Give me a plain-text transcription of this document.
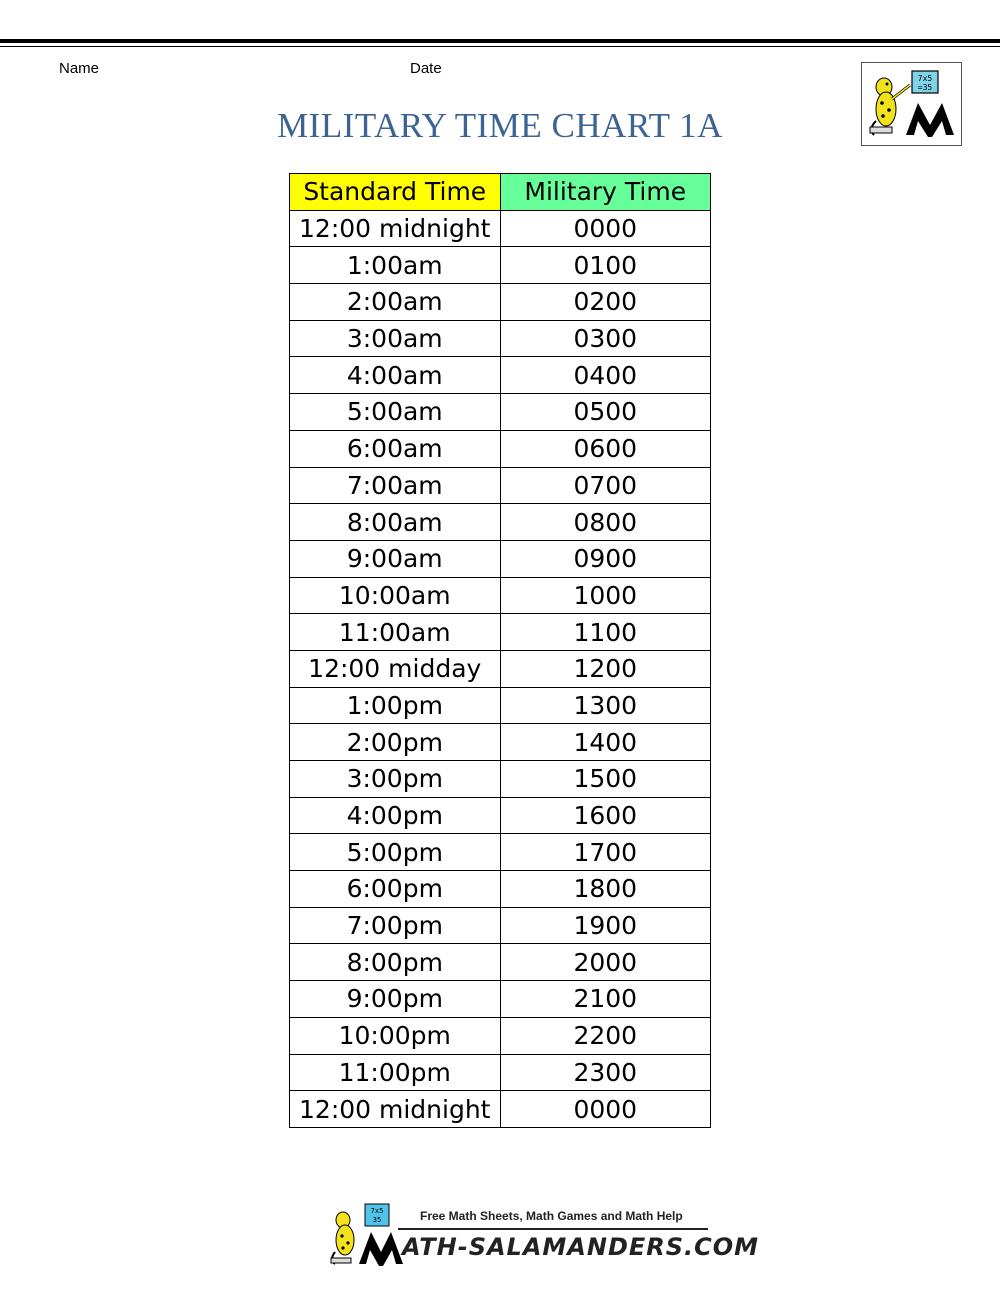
Name	Date
7x5
=35
MILITARY TIME CHART 1A
Standard Time	Military Time
12:00 midnight	0000
1:00am	0100
2:00am	0200
3:00am	0300
4:00am	0400
5:00am	0500
6:00am	0600
7:00am	0700
8:00am	0800
9:00am	0900
10:00am	1000
11:00am	1100
12:00 midday	1200
1:00pm	1300
2:00pm	1400
3:00pm	1500
4:00pm	1600
5:00pm	1700
6:00pm	1800
7:00pm	1900
8:00pm	2000
9:00pm	2100
10:00pm	2200
11:00pm	2300
12:00 midnight	0000
7x5
35	Free Math Sheets, Math Games and Math Help
ATH-SALAMANDERS.COM
